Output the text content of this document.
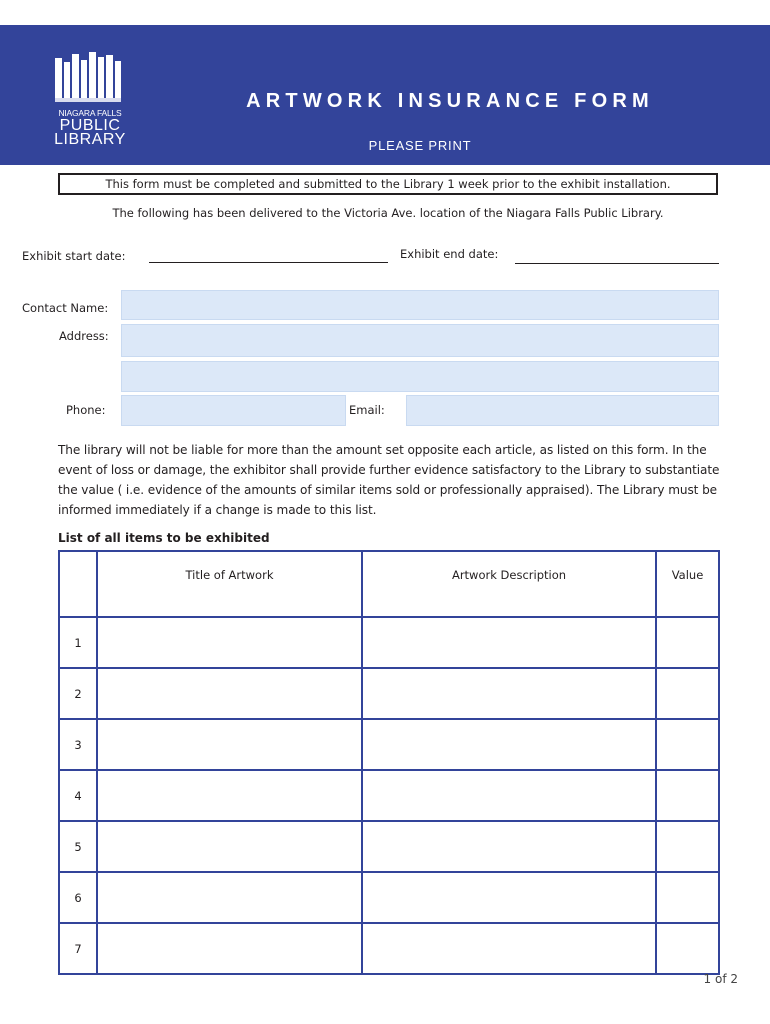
NIAGARA FALLS
PUBLIC
LIBRARY
ARTWORK INSURANCE FORM
PLEASE PRINT
This form must be completed and submitted to the Library 1 week prior to the exhibit installation.
The following has been delivered to the Victoria Ave. location of the Niagara Falls Public Library.
Exhibit start date:	Exhibit end date:
Contact Name:
Address:
Phone:	Email:
The library will not be liable for more than the amount set opposite each article, as listed on this form. In the event of loss or damage, the exhibitor shall provide further evidence satisfactory to the Library to substantiate the value ( i.e. evidence of the amounts of similar items sold or professionally appraised). The Library must be informed immediately if a change is made to this list.
List of all items to be exhibited
	Title of Artwork	Artwork Description	Value
1			
2			
3			
4			
5			
6			
7			
1 of 2
